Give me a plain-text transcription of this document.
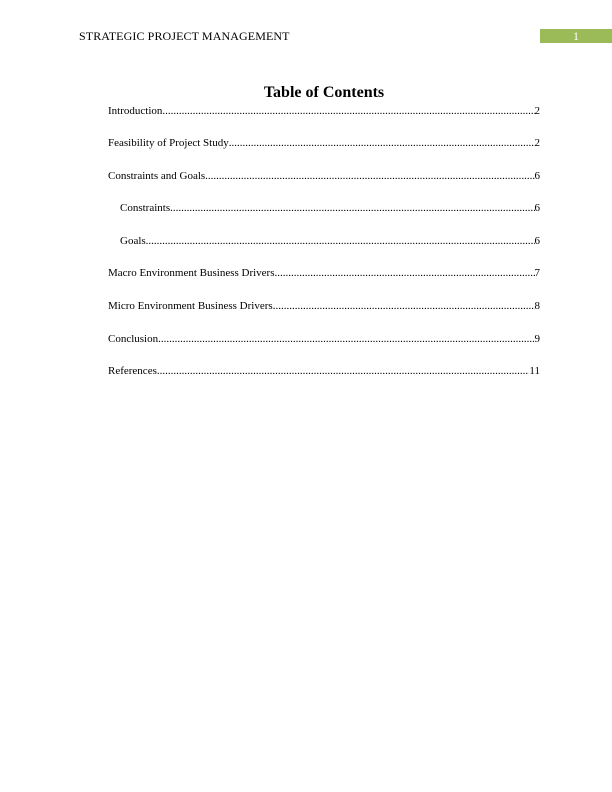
STRATEGIC PROJECT MANAGEMENT	1
Table of Contents
Introduction .....	2
Feasibility of Project Study .....	2
Constraints and Goals .....	6
Constraints .....	6
Goals .....	6
Macro Environment Business Drivers .....	7
Micro Environment Business Drivers .....	8
Conclusion .....	9
References .....	11
